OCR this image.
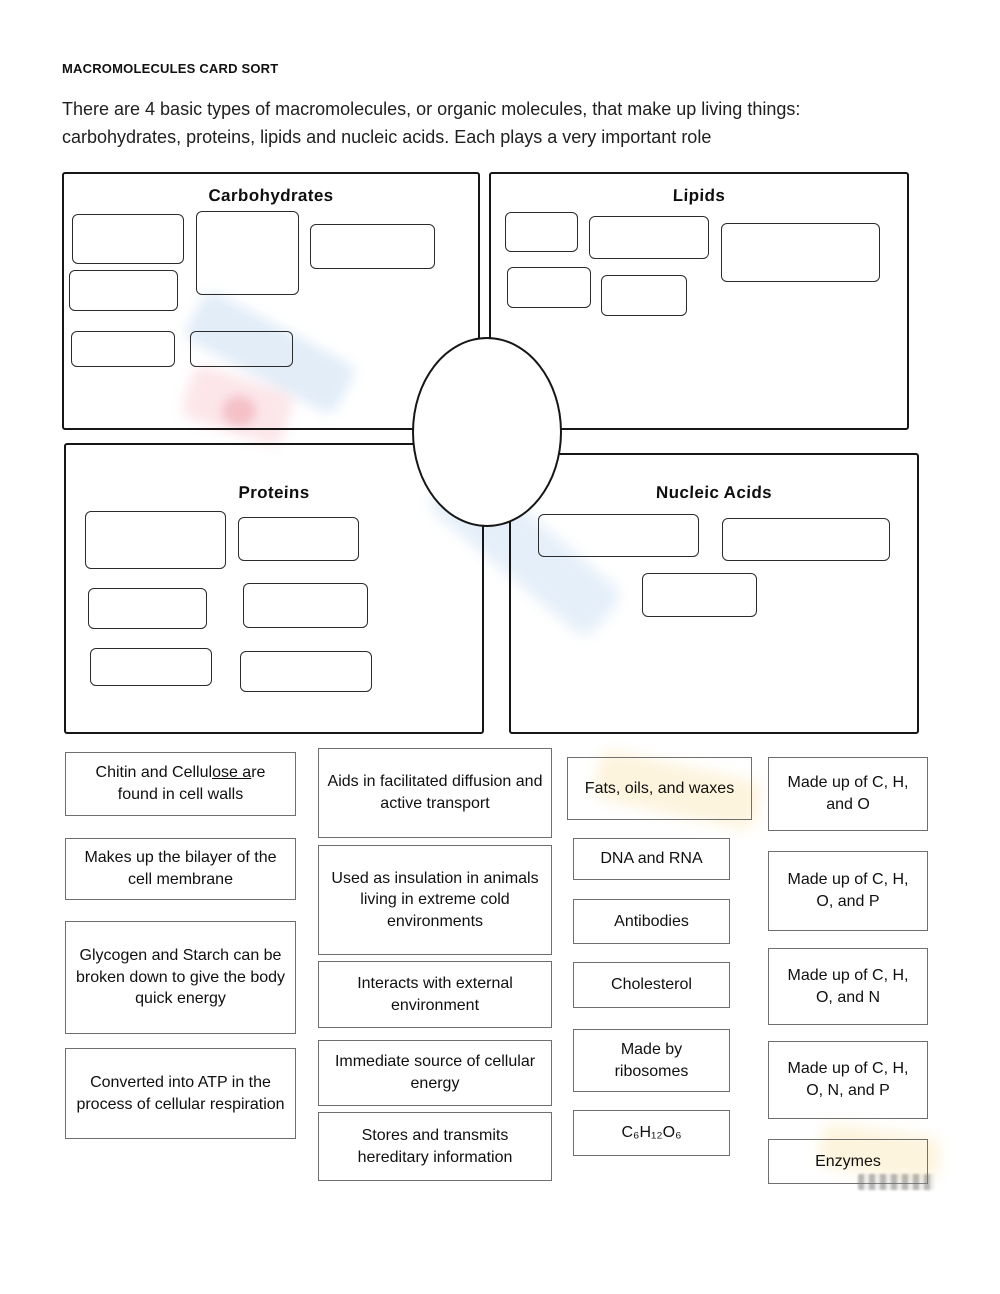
MACROMOLECULES CARD SORT
There are 4 basic types of macromolecules, or organic molecules, that make up living things:
carbohydrates, proteins, lipids and nucleic acids. Each plays a very important role
Carbohydrates	Lipids
Proteins	Nucleic Acids
Chitin and Cellulose are found in cell walls
Makes up the bilayer of the cell membrane
Glycogen and Starch can be broken down to give the body quick energy
Converted into ATP in the process of cellular respiration
Aids in facilitated diffusion and active transport
Used as insulation in animals living in extreme cold environments
Interacts with external environment
Immediate source of cellular energy
Stores and transmits hereditary information
Fats, oils, and waxes
DNA and RNA
Antibodies
Cholesterol
Made by ribosomes
C₆H₁₂O₆
Made up of C, H, and O
Made up of C, H, O, and P
Made up of C, H, O, and N
Made up of C, H, O, N, and P
Enzymes
